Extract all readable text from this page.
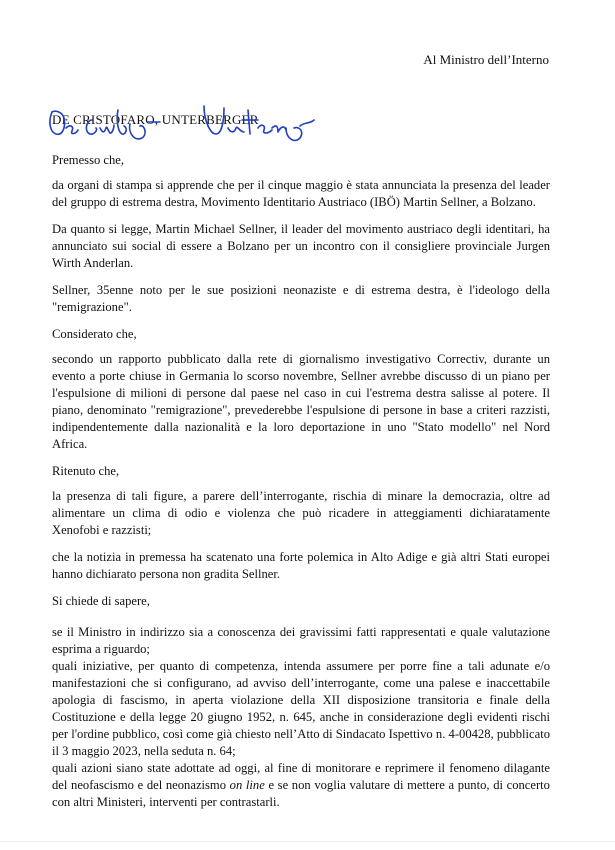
Al Ministro dell’Interno
DE CRISTOFARO, UNTERBERGER

Premesso che,

da organi di stampa si apprende che per il cinque maggio è stata annunciata la presenza del leader del gruppo di estrema destra, Movimento Identitario Austriaco (IBÖ) Martin Sellner, a Bolzano.

Da quanto si legge, Martin Michael Sellner, il leader del movimento austriaco degli identitari, ha annunciato sui social di essere a Bolzano per un incontro con il consigliere provinciale Jurgen Wirth Anderlan.

Sellner, 35enne noto per le sue posizioni neonaziste e di estrema destra, è l'ideologo della "remigrazione".

Considerato che,

secondo un rapporto pubblicato dalla rete di giornalismo investigativo Correctiv, durante un evento a porte chiuse in Germania lo scorso novembre, Sellner avrebbe discusso di un piano per l'espulsione di milioni di persone dal paese nel caso in cui l'estrema destra salisse al potere. Il piano, denominato "remigrazione", prevederebbe l'espulsione di persone in base a criteri razzisti, indipendentemente dalla nazionalità e la loro deportazione in uno "Stato modello" nel Nord Africa.

Ritenuto che,

la presenza di tali figure, a parere dell’interrogante, rischia di minare la democrazia, oltre ad alimentare un clima di odio e violenza che può ricadere in atteggiamenti dichiaratamente Xenofobi e razzisti;

che la notizia in premessa ha scatenato una forte polemica in Alto Adige e già altri Stati europei hanno dichiarato persona non gradita Sellner.

Si chiede di sapere,

se il Ministro in indirizzo sia a conoscenza dei gravissimi fatti rappresentati e quale valutazione esprima a riguardo;

quali iniziative, per quanto di competenza, intenda assumere per porre fine a tali adunate e/o manifestazioni che si configurano, ad avviso dell’interrogante, come una palese e inaccettabile apologia di fascismo, in aperta violazione della XII disposizione transitoria e finale della Costituzione e della legge 20 giugno 1952, n. 645, anche in considerazione degli evidenti rischi per l'ordine pubblico, così come già chiesto nell’Atto di Sindacato Ispettivo n. 4-00428, pubblicato il 3 maggio 2023, nella seduta n. 64;

quali azioni siano state adottate ad oggi, al fine di monitorare e reprimere il fenomeno dilagante del neofascismo e del neonazismo on line e se non voglia valutare di mettere a punto, di concerto con altri Ministeri, interventi per contrastarli.
